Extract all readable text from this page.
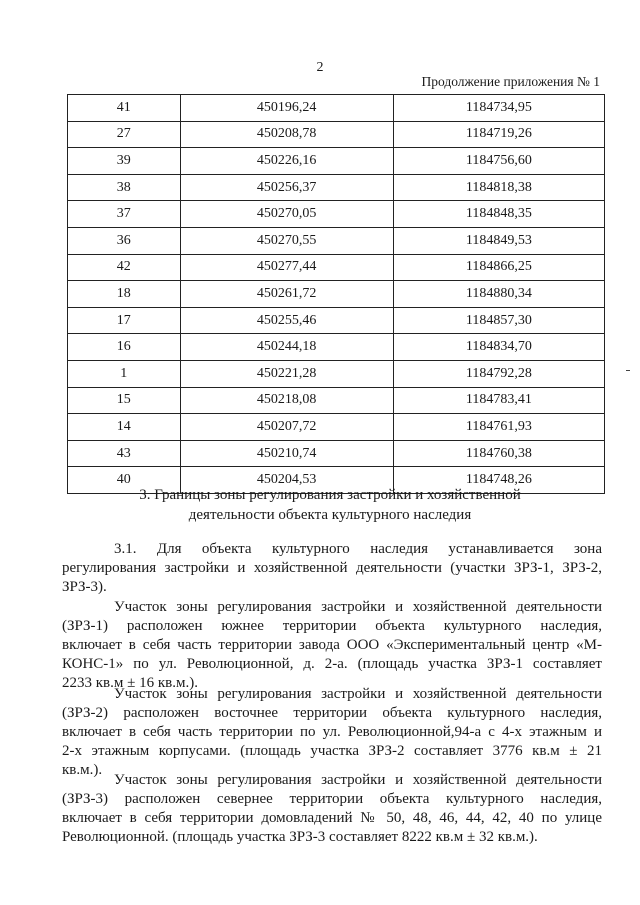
2
Продолжение приложения № 1
41	450196,24	1184734,95
27	450208,78	1184719,26
39	450226,16	1184756,60
38	450256,37	1184818,38
37	450270,05	1184848,35
36	450270,55	1184849,53
42	450277,44	1184866,25
18	450261,72	1184880,34
17	450255,46	1184857,30
16	450244,18	1184834,70
1	450221,28	1184792,28
15	450218,08	1184783,41
14	450207,72	1184761,93
43	450210,74	1184760,38
40	450204,53	1184748,26
3. Границы зоны регулирования застройки и хозяйственной
деятельности объекта культурного наследия

3.1. Для объекта культурного наследия устанавливается зона
регулирования застройки и хозяйственной деятельности (участки ЗРЗ-1, ЗРЗ-2,
ЗРЗ-3).

Участок зоны регулирования застройки и хозяйственной деятельности
(ЗРЗ-1) расположен южнее территории объекта культурного наследия,
включает в себя часть территории завода ООО «Экспериментальный центр «М-
КОНС-1» по ул. Революционной, д. 2-а. (площадь участка ЗРЗ-1 составляет
2233 кв.м ± 16 кв.м.).

Участок зоны регулирования застройки и хозяйственной деятельности
(ЗРЗ-2) расположен восточнее территории объекта культурного наследия,
включает в себя часть территории по ул. Революционной,94-а с 4-х этажным и
2-х этажным корпусами. (площадь участка ЗРЗ-2 составляет 3776 кв.м ± 21
кв.м.).

Участок зоны регулирования застройки и хозяйственной деятельности
(ЗРЗ-3) расположен севернее территории объекта культурного наследия,
включает в себя территории домовладений № 50, 48, 46, 44, 42, 40 по улице
Революционной. (площадь участка ЗРЗ-3 составляет 8222 кв.м ± 32 кв.м.).
